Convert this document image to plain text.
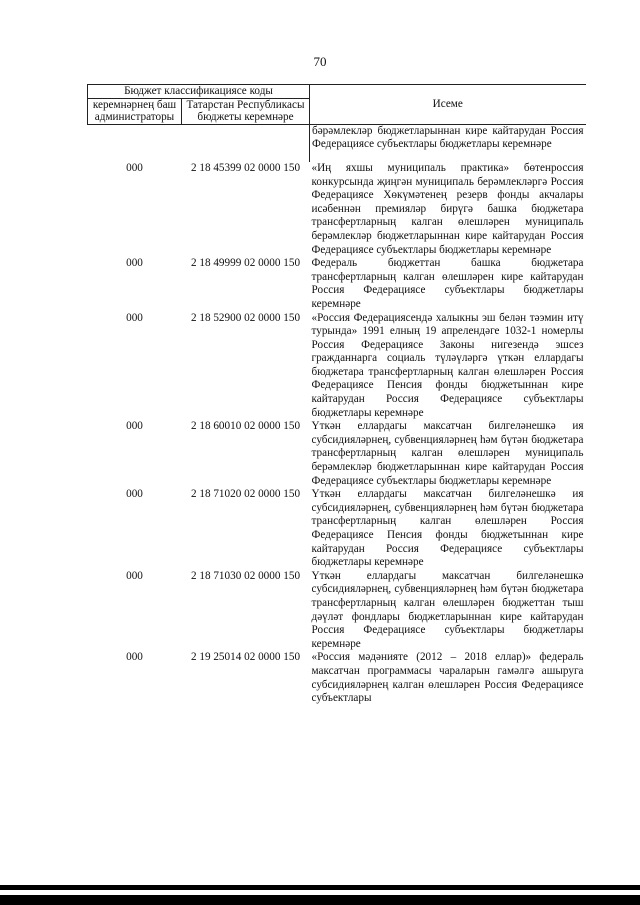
70
Бюджет классификациясе коды		Исеме
керемнәрнең баш администраторы	Татарстан Республикасы бюджеты керемнәре	
		бәрәмлекләр бюджетларыннан кире кайтарудан Россия Федерациясе субъектлары бюджетлары керемнәре
000	2 18 45399 02 0000 150	«Иң яхшы муниципаль практика» бөтенроссия конкурсында җиңгән муниципаль берәмлекләргә Россия Федерациясе Хөкүмәтенең резерв фонды акчалары исәбеннән премияләр бирүгә башка бюджетара трансфертларның калган өлешләрен муниципаль берәмлекләр бюджетларыннан кире кайтарудан Россия Федерациясе субъектлары бюджетлары керемнәре
000	2 18 49999 02 0000 150	Федераль бюджеттан башка бюджетара трансфертларның калган өлешләрен кире кайтарудан Россия Федерациясе субъектлары бюджетлары керемнәре
000	2 18 52900 02 0000 150	«Россия Федерациясендә халыкны эш белән тәэмин итү турында» 1991 елның 19 апрелендәге 1032-1 номерлы Россия Федерациясе Законы нигезендә эшсез гражданнарга социаль түләүләргә үткән еллардагы бюджетара трансфертларның калган өлешләрен Россия Федерациясе Пенсия фонды бюджетыннан кире кайтарудан Россия Федерациясе субъектлары бюджетлары керемнәре
000	2 18 60010 02 0000 150	Үткән еллардагы максатчан билгеләнешкә ия субсидияләрнең, субвенцияләрнең һәм бүтән бюджетара трансфертларның калган өлешләрен муниципаль берәмлекләр бюджетларыннан кире кайтарудан Россия Федерациясе субъектлары бюджетлары керемнәре
000	2 18 71020 02 0000 150	Үткән еллардагы максатчан билгеләнешкә ия субсидияләрнең, субвенцияләрнең һәм бүтән бюджетара трансфертларның калган өлешләрен Россия Федерациясе Пенсия фонды бюджетыннан кире кайтарудан Россия Федерациясе субъектлары бюджетлары керемнәре
000	2 18 71030 02 0000 150	Үткән еллардагы максатчан билгеләнешкә субсидияләрнең, субвенцияләрнең һәм бүтән бюджетара трансфертларның калган өлешләрен бюджеттан тыш дәүләт фондлары бюджетларыннан кире кайтарудан Россия Федерациясе субъектлары бюджетлары керемнәре
000	2 19 25014 02 0000 150	«Россия мәдәнияте (2012 – 2018 еллар)» федераль максатчан программасы чараларын гамәлгә ашыруга субсидияләрнең калган өлешләрен Россия Федерациясе субъектлары
